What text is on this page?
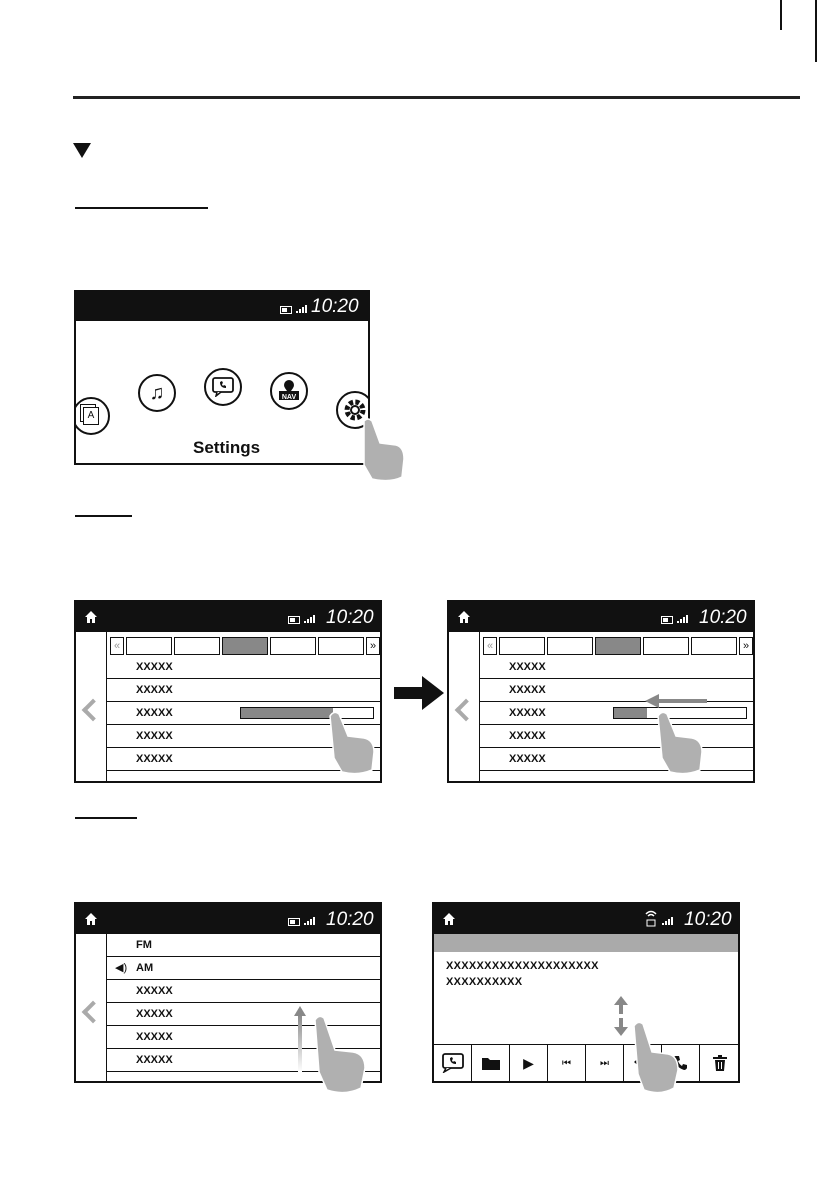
10:20
A
♫	NAV
Settings
10:20
«	»
XXXXX
XXXXX
XXXXX
XXXXX
XXXXX
10:20
«	»
XXXXX
XXXXX
XXXXX
XXXXX
XXXXX
10:20
FM
◀) AM
XXXXX
XXXXX
XXXXX
XXXXX
10:20
XXXXXXXXXXXXXXXXXXXX
XXXXXXXXXX
▶	⏮	⏭
